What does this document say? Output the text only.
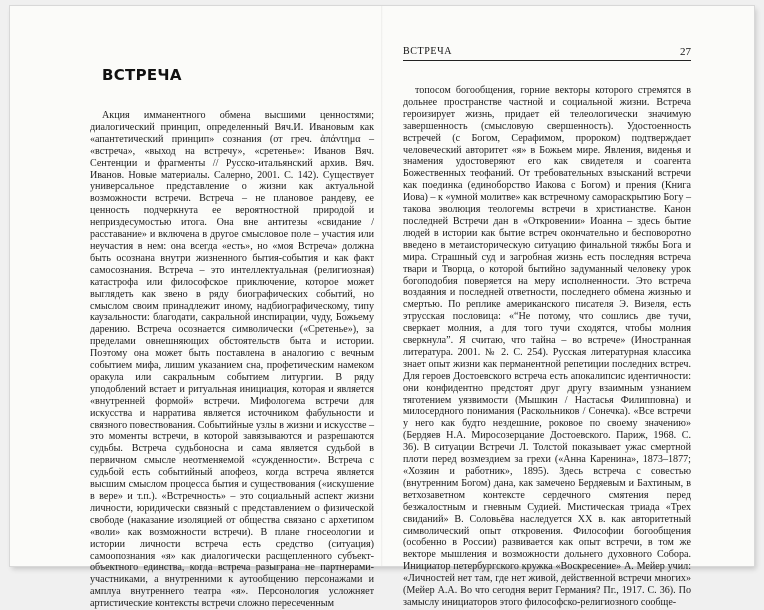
ВСТРЕЧА

Акция имманентного обмена высшими ценностями; диалогический принцип, определенный Вяч.И. Ивановым как «апантетический принцип» сознания (от греч. ἀπάντημα – «встреча», «выход на встречу», «сретенье»: Иванов Вяч. Сентенции и фрагменты // Русско-итальянский архив. Вяч. Иванов. Новые материалы. Салерно, 2001. С. 142). Существует универсальное представление о жизни как актуальной возможности встречи. Встреча – не плановое рандеву, ее ценность подчеркнута ее вероятностной природой и неприздесумостью итога. Она вне антитезы «свидание / расставание» и включена в другое смысловое поле – участия или неучастия в нем: она всегда «есть», но «моя Встреча» должна быть осознана внутри жизненного бытия-события и как факт самосознания. Встреча – это интеллектуальная (религиозная) катастрофа или философское приключение, которое может выглядеть как звено в ряду биографических событий, но смыслом своим принадлежит иному, надбиографическому, типу каузальности: благодати, сакральной инспирации, чуду, Божьему дарению. Встреча осознается символически («Сретенье»), за пределами овнешняющих обстоятельств быта и истории. Поэтому она может быть поставлена в аналогию с вечным событием мифа, лишим указанием сна, профетическим намеком оракула или сакральным событием литургии. В ряду уподоблений встает и ритуальная инициация, которая и является «внутренней формой» встречи. Мифологема встречи для искусства и нарратива является источником фабульности и связного повествования. Событийные узлы в жизни и искусстве – это моменты встречи, в которой завязываются и разрешаются судьбы. Встреча судьбоносна и сама является судьбой в первичном смысле неотменяемой «сужденности». Встреча с судьбой есть событийный апофеоз, когда встреча является высшим смыслом процесса бытия и существования («искушение в вере» и т.п.). «Встречность» – это социальный аспект жизни личности, юридически связный с представлением о физической свободе (наказание изоляцией от общества связано с архетипом «воли» как возможности встречи). В плане гносеологии и истории личности встреча есть средство (ситуация) самоопознания «я» как диалогически расщепленного субъект-объектного единства, когда встреча разыграна не партнерами-участниками, а внутренними к аутообщению персонажами и амплуа внутреннего театра «я». Персонология усложняет артистические контексты встречи сложно пересеченным

ВСТРЕЧА	27

топосом богообщения, горние векторы которого стремятся в дольнее пространстве частной и социальной жизни. Встреча героизирует жизнь, придает ей телеологически значимую завершенность (смысловую свершенность). Удостоенность встречей (с Богом, Серафимом, пророком) подтверждает человеческий авторитет «я» в Божьем мире. Явления, виденья и знамения удостоверяют его как свидетеля и соагента Божественных теофаний. От требовательных взысканий встречи как поединка (единоборство Иакова с Богом) и прения (Книга Иова) – к «умной молитве» как встречному самораскрытию Богу – такова эволюция теологемы встречи в христианстве. Канон последней Встречи дан в «Откровении» Иоанна – здесь бытие людей в истории как бытие встреч окончательно и бесповоротно введено в метаисторическую ситуацию финальной тяжбы Бога и мира. Страшный суд и загробная жизнь есть последняя встреча твари и Творца, о которой бытийно задуманный человеку урок богоподобия поверяется на меру исполненности. Это встреча воздаяния и последней ответности, последнего обмена жизнью и смертью. По реплике американского писателя Э. Визеля, есть этрусская пословица: «“Не потому, что сошлись две тучи, сверкает молния, а для того тучи сходятся, чтобы молния сверкнула”. Я считаю, что тайна – во встрече» (Иностранная литература. 2001. № 2. С. 254). Русская литературная классика знает опыт жизни как перманентной репетиции последних встреч. Для героев Достоевского встреча есть апокалипсис идентичности: они конфидентно предстоят друг другу взаимным узнанием тяготением уязвимости (Мышкин / Настасья Филипповна) и милосердного понимания (Раскольников / Сонечка). «Все встречи у него как будто нездешние, роковое по своему значению» (Бердяев Н.А. Миросозерцание Достоевского. Париж, 1968. С. 36). В ситуации Встречи Л. Толстой показывает ужас смертной плоти перед возмездием за грехи («Анна Каренина», 1873–1877; «Хозяин и работник», 1895). Здесь встреча с совестью (внутренним Богом) дана, как замечено Бердяевым и Бахтиным, в ветхозаветном контексте сердечного смятения перед безжалостным и гневным Судией. Мистическая триада «Трех свиданий» В. Соловьёва наследуется XX в. как авторитетный символический опыт откровения. Философии богообщения (особенно в России) развивается как опыт встречи, в том же векторе мышления и возможности дольнего духовного Собора. Инициатор петербургского кружка «Воскресение» А. Мейер учил: «Личностей нет там, где нет живой, действенной встречи многих» (Мейер А.А. Во что сегодня верит Германия? Пг., 1917. С. 36). По замыслу инициаторов этого философско-религиозного сообще-
